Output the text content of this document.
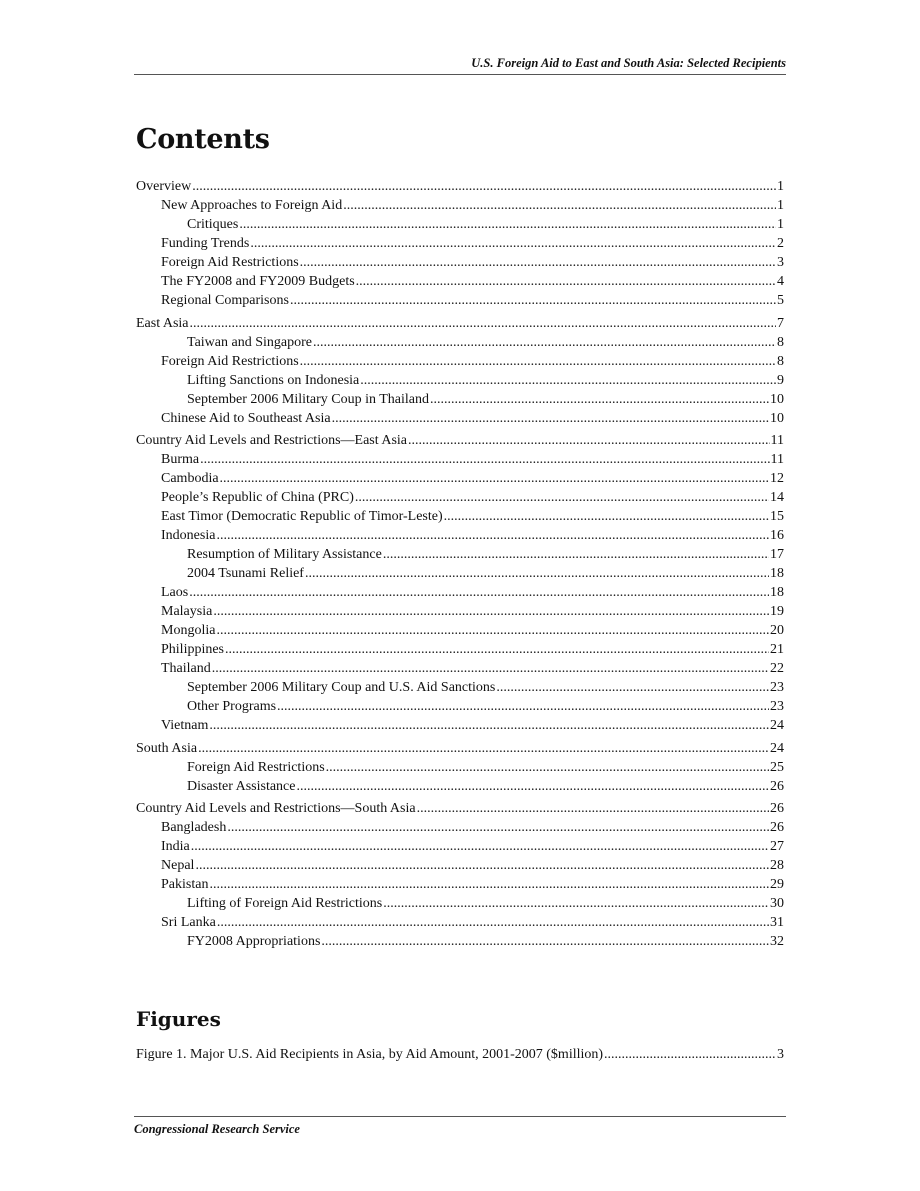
U.S. Foreign Aid to East and South Asia: Selected Recipients
Contents
Overview .....	1
New Approaches to Foreign Aid .....	1
Critiques .....	1
Funding Trends .....	2
Foreign Aid Restrictions .....	3
The FY2008 and FY2009 Budgets .....	4
Regional Comparisons .....	5
East Asia .....	7
Taiwan and Singapore .....	8
Foreign Aid Restrictions .....	8
Lifting Sanctions on Indonesia .....	9
September 2006 Military Coup in Thailand .....	10
Chinese Aid to Southeast Asia .....	10
Country Aid Levels and Restrictions—East Asia .....	11
Burma .....	11
Cambodia .....	12
People’s Republic of China (PRC) .....	14
East Timor (Democratic Republic of Timor-Leste) .....	15
Indonesia .....	16
Resumption of Military Assistance .....	17
2004 Tsunami Relief .....	18
Laos .....	18
Malaysia .....	19
Mongolia .....	20
Philippines .....	21
Thailand .....	22
September 2006 Military Coup and U.S. Aid Sanctions .....	23
Other Programs .....	23
Vietnam .....	24
South Asia .....	24
Foreign Aid Restrictions .....	25
Disaster Assistance .....	26
Country Aid Levels and Restrictions—South Asia .....	26
Bangladesh .....	26
India .....	27
Nepal .....	28
Pakistan .....	29
Lifting of Foreign Aid Restrictions .....	30
Sri Lanka .....	31
FY2008 Appropriations .....	32
Figures
Figure 1. Major U.S. Aid Recipients in Asia, by Aid Amount, 2001-2007 ($million) .....	3
Congressional Research Service
